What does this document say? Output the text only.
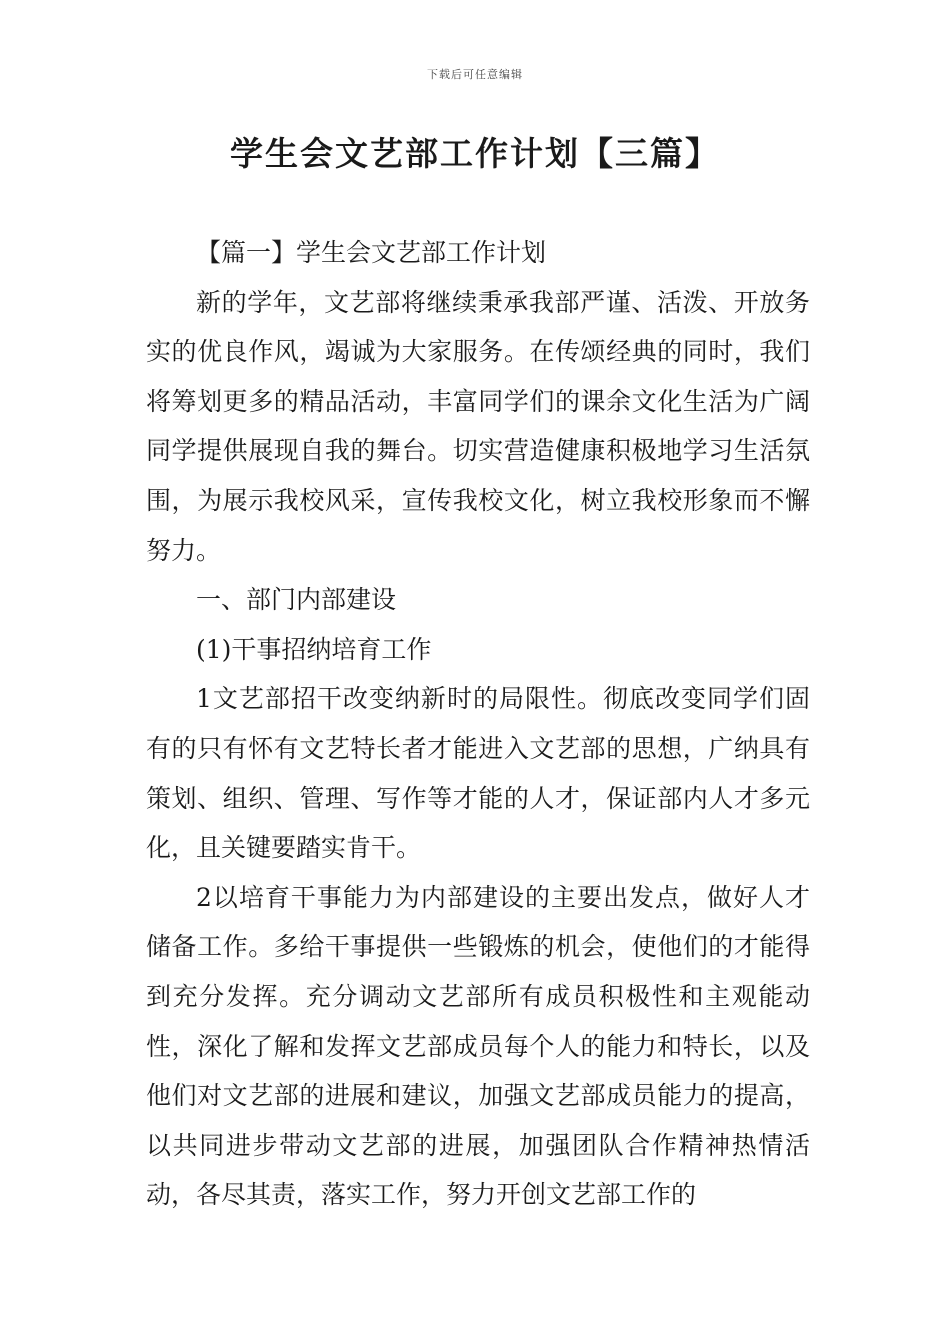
下载后可任意编辑
学生会文艺部工作计划【三篇】

【篇一】学生会文艺部工作计划

新的学年，文艺部将继续秉承我部严谨、活泼、开放务实的优良作风，竭诚为大家服务。在传颂经典的同时，我们将筹划更多的精品活动，丰富同学们的课余文化生活为广阔同学提供展现自我的舞台。切实营造健康积极地学习生活氛围，为展示我校风采，宣传我校文化，树立我校形象而不懈努力。

一、部门内部建设

(1)干事招纳培育工作

1文艺部招干改变纳新时的局限性。彻底改变同学们固有的只有怀有文艺特长者才能进入文艺部的思想，广纳具有策划、组织、管理、写作等才能的人才，保证部内人才多元化，且关键要踏实肯干。

2以培育干事能力为内部建设的主要出发点，做好人才储备工作。多给干事提供一些锻炼的机会，使他们的才能得到充分发挥。充分调动文艺部所有成员积极性和主观能动性，深化了解和发挥文艺部成员每个人的能力和特长，以及他们对文艺部的进展和建议，加强文艺部成员能力的提高，以共同进步带动文艺部的进展，加强团队合作精神热情活动，各尽其责，落实工作，努力开创文艺部工作的
